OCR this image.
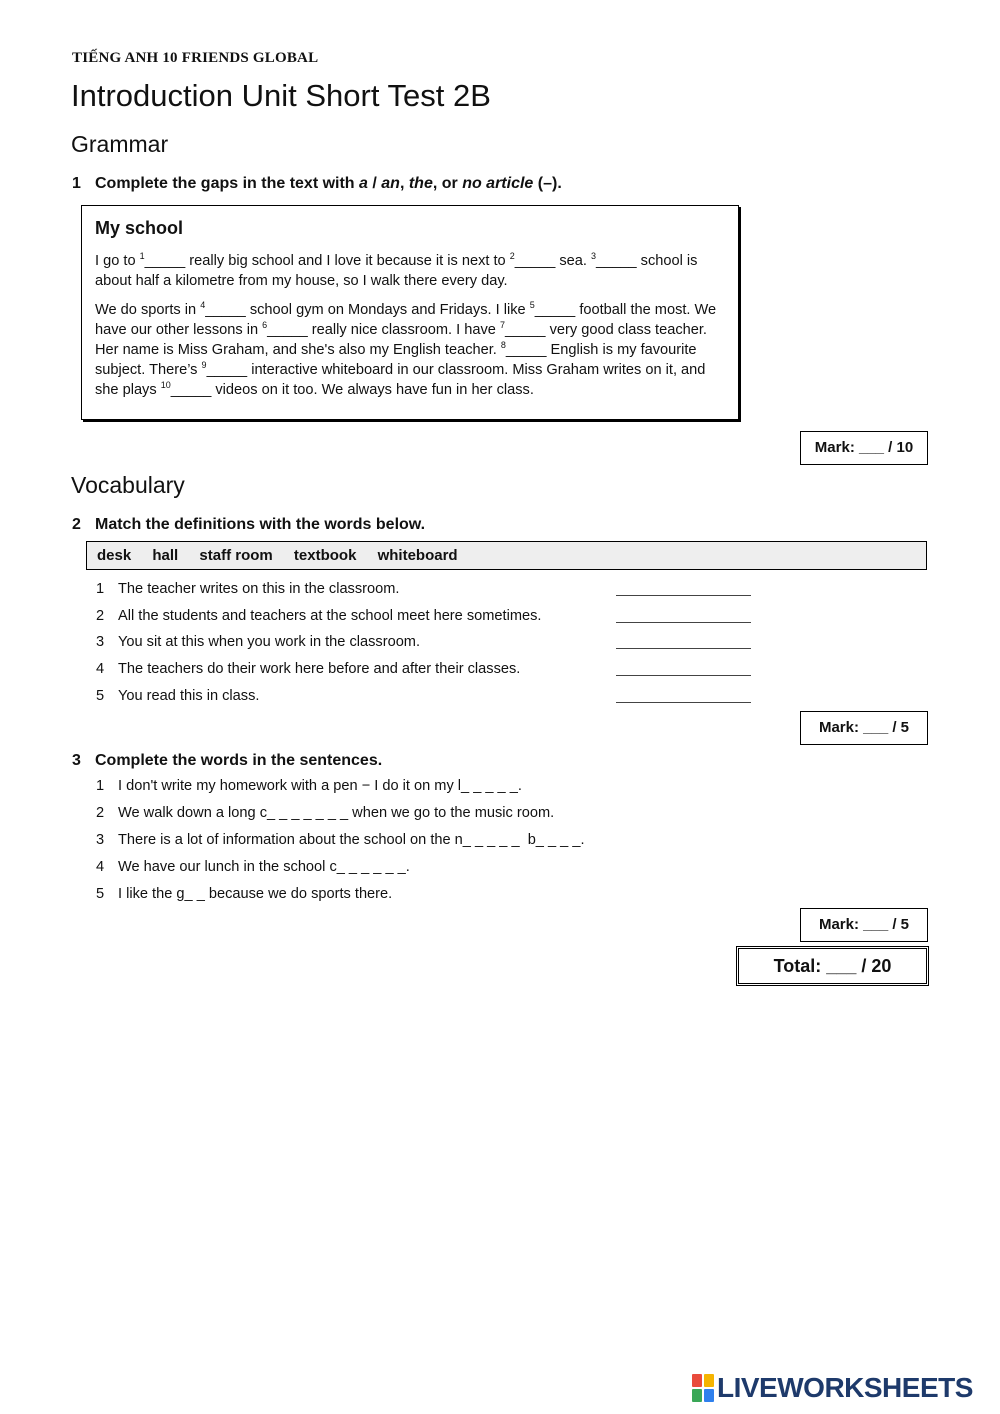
TIẾNG ANH 10 FRIENDS GLOBAL
Introduction Unit Short Test 2B
Grammar
1 Complete the gaps in the text with a / an, the, or no article (–).
My school

I go to $^1$_____ really big school and I love it because it is next to $^2$_____ sea. $^3$_____ school is about half a kilometre from my house, so I walk there every day.

We do sports in $^4$_____ school gym on Mondays and Fridays. I like $^5$_____ football the most. We have our other lessons in $^6$_____ really nice classroom. I have $^7$_____ very good class teacher. Her name is Miss Graham, and she's also my English teacher. $^8$_____ English is my favourite subject. There’s $^9$_____ interactive whiteboard in our classroom. Miss Graham writes on it, and she plays $^{10}$_____ videos on it too. We always have fun in her class.

Mark: ___ / 10
Vocabulary
2 Match the definitions with the words below.
desk hall staff room textbook whiteboard
1 The teacher writes on this in the classroom.
2 All the students and teachers at the school meet here sometimes.
3 You sit at this when you work in the classroom.
4 The teachers do their work here before and after their classes.
5 You read this in class.
Mark: ___ / 5
3 Complete the words in the sentences.
1 I don't write my homework with a pen − I do it on my l_ _ _ _ _.
2 We walk down a long c_ _ _ _ _ _ _ when we go to the music room.
3 There is a lot of information about the school on the n_ _ _ _ _  b_ _ _ _.
4 We have our lunch in the school c_ _ _ _ _ _.
5 I like the g_ _ because we do sports there.
Mark: ___ / 5
Total: ___ / 20
LIVEWORKSHEETS
